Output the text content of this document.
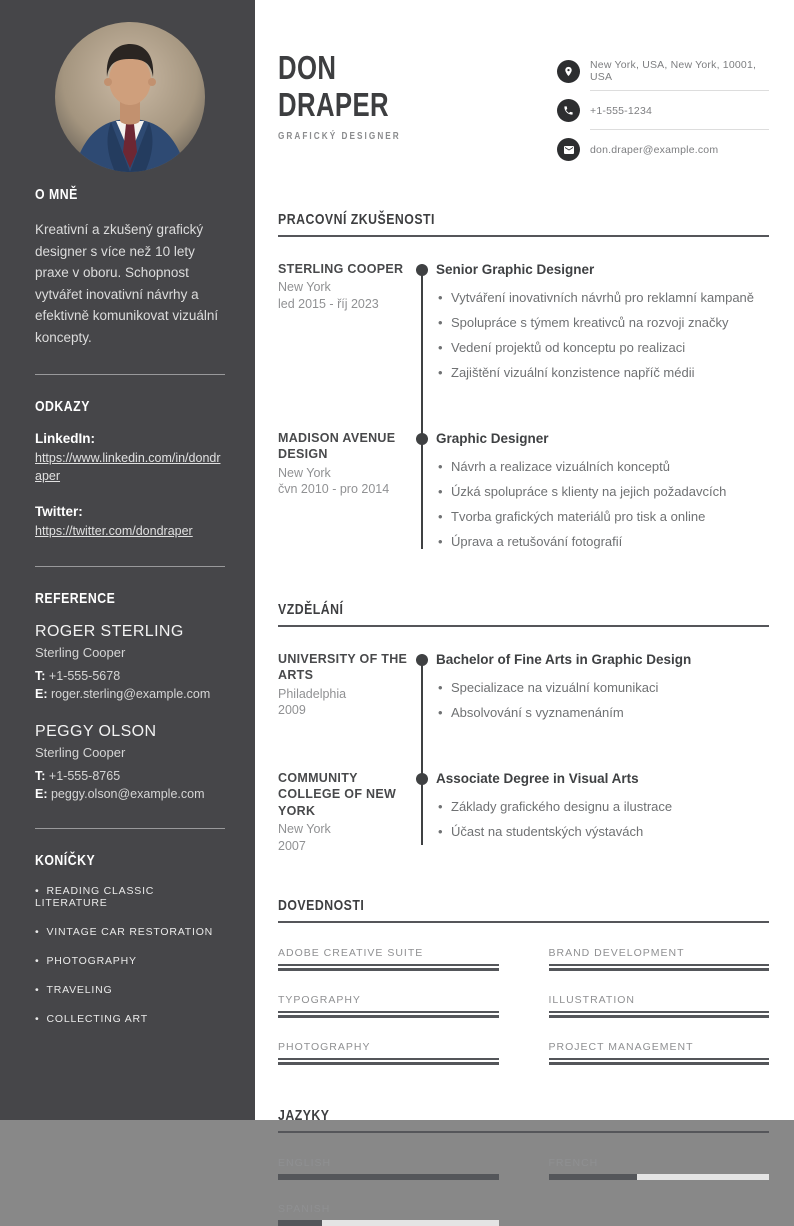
O MNĚ

Kreativní a zkušený grafický designer s více než 10 lety praxe v oboru. Schopnost vytvářet inovativní návrhy a efektivně komunikovat vizuální koncepty.

ODKAZY
LinkedIn:
https://www.linkedin.com/in/dondraper
Twitter:
https://twitter.com/dondraper
REFERENCE
ROGER STERLING
Sterling Cooper
T: +1-555-5678
E: roger.sterling@example.com
PEGGY OLSON
Sterling Cooper
T: +1-555-8765
E: peggy.olson@example.com
KONÍČKY
• READING CLASSIC LITERATURE
• VINTAGE CAR RESTORATION
• PHOTOGRAPHY
• TRAVELING
• COLLECTING ART
DON
DRAPER
GRAFICKÝ DESIGNER
New York, USA, New York, 10001, USA
+1-555-1234
don.draper@example.com
PRACOVNÍ ZKUŠENOSTI
STERLING COOPER
New York
led 2015 - říj 2023
Senior Graphic Designer
• Vytváření inovativních návrhů pro reklamní kampaně
• Spolupráce s týmem kreativců na rozvoji značky
• Vedení projektů od konceptu po realizaci
• Zajištění vizuální konzistence napříč médii
MADISON AVENUE DESIGN
New York
čvn 2010 - pro 2014
Graphic Designer
• Návrh a realizace vizuálních konceptů
• Úzká spolupráce s klienty na jejich požadavcích
• Tvorba grafických materiálů pro tisk a online
• Úprava a retušování fotografií
VZDĚLÁNÍ
UNIVERSITY OF THE ARTS
Philadelphia
2009
Bachelor of Fine Arts in Graphic Design
• Specializace na vizuální komunikaci
• Absolvování s vyznamenáním
COMMUNITY COLLEGE OF NEW YORK
New York
2007
Associate Degree in Visual Arts
• Základy grafického designu a ilustrace
• Účast na studentských výstavách
DOVEDNOSTI
ADOBE CREATIVE SUITE	BRAND DEVELOPMENT
TYPOGRAPHY	ILLUSTRATION
PHOTOGRAPHY	PROJECT MANAGEMENT
JAZYKY
ENGLISH	FRENCH
SPANISH
